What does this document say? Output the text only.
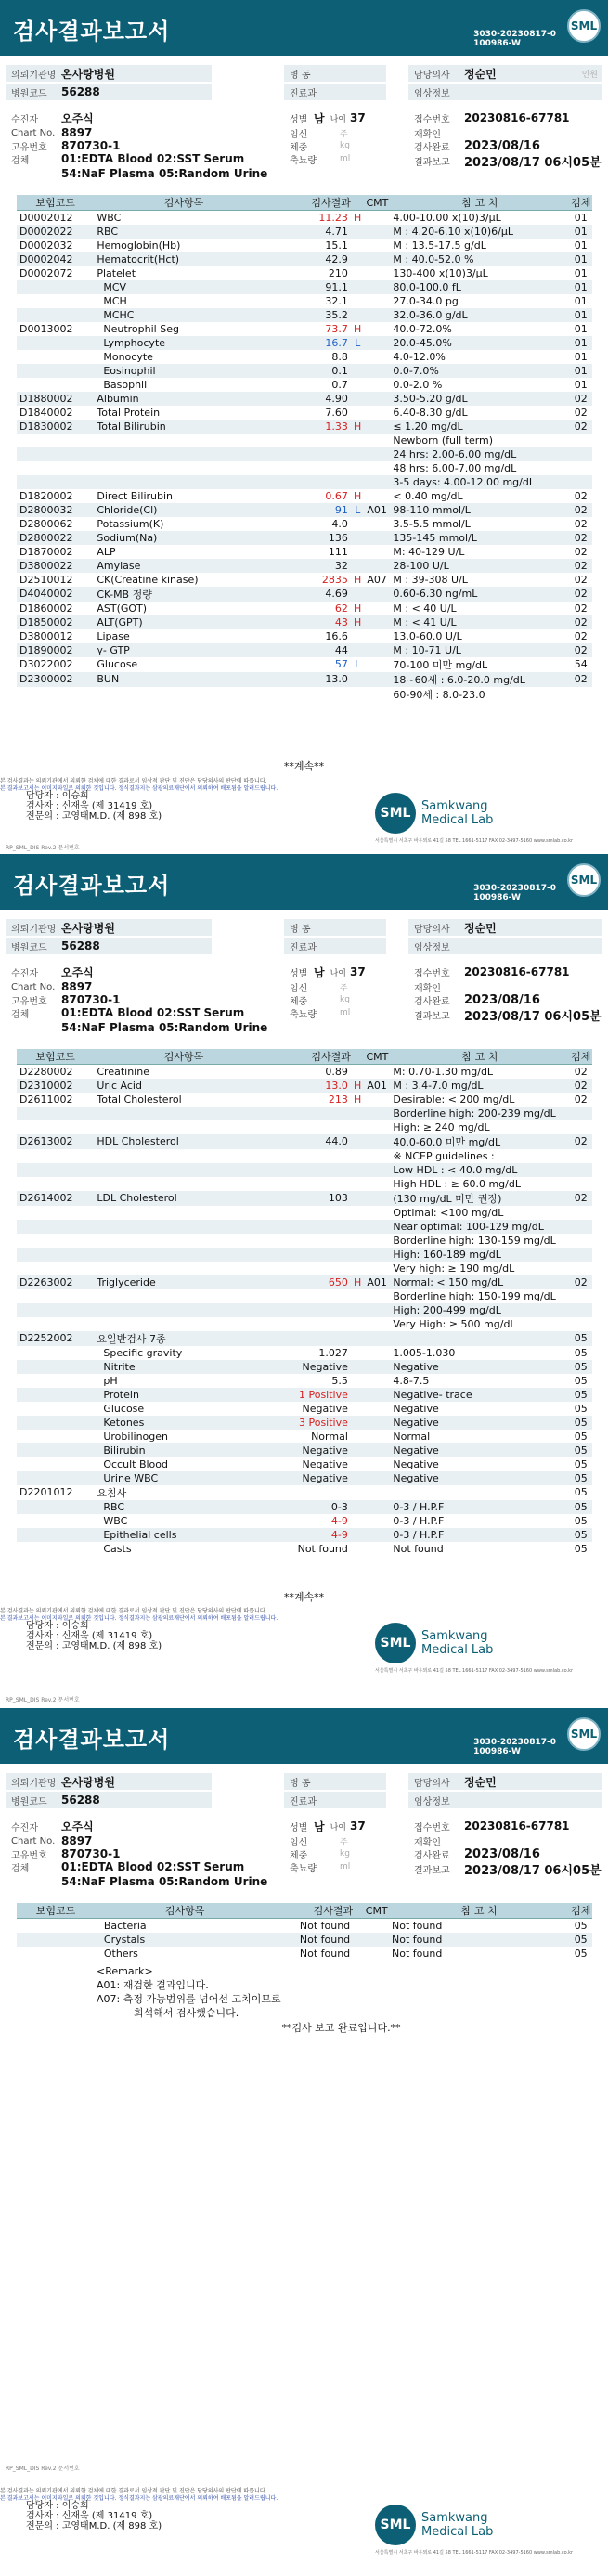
검사결과보고서	3030-20230817-0
100986-W
SML
의뢰기관명 온사랑병원
병원코드	56288
수진자	오주식
Chart No. 8897
고유번호	870730-1
검체	01:EDTA Blood 02:SST Serum
54:NaF Plasma 05:Random Urine
병 동
진료과
성별 남 나이 37
임신	주
체중	kg
축뇨량	ml
담당의사	정순민	인원
임상정보
접수번호	20230816-67781
재확인
검사완료	2023/08/16
결과보고	2023/08/17 06시05분
보험코드	검사항목	검사결과		CMT	참 고 치	검체
D0002012	WBC	11.23	H		4.00-10.00 x(10)3/µL	01
D0002022	RBC	4.71			M : 4.20-6.10 x(10)6/µL	01
D0002032	Hemoglobin(Hb)	15.1			M : 13.5-17.5 g/dL	01
D0002042	Hematocrit(Hct)	42.9			M : 40.0-52.0 %	01
D0002072	Platelet	210			130-400 x(10)3/µL	01
	MCV	91.1			80.0-100.0 fL	01
	MCH	32.1			27.0-34.0 pg	01
	MCHC	35.2			32.0-36.0 g/dL	01
D0013002	Neutrophil Seg	73.7	H		40.0-72.0%	01
	Lymphocyte	16.7	L		20.0-45.0%	01
	Monocyte	8.8			4.0-12.0%	01
	Eosinophil	0.1			0.0-7.0%	01
	Basophil	0.7			0.0-2.0 %	01
D1880002	Albumin	4.90			3.50-5.20 g/dL	02
D1840002	Total Protein	7.60			6.40-8.30 g/dL	02
D1830002	Total Bilirubin	1.33	H		≤ 1.20 mg/dL	02
					Newborn (full term)	
					24 hrs: 2.00-6.00 mg/dL	
					48 hrs: 6.00-7.00 mg/dL	
					3-5 days: 4.00-12.00 mg/dL	
D1820002	Direct Bilirubin	0.67	H		< 0.40 mg/dL	02
D2800032	Chloride(Cl)	91	L	A01	98-110 mmol/L	02
D2800062	Potassium(K)	4.0			3.5-5.5 mmol/L	02
D2800022	Sodium(Na)	136			135-145 mmol/L	02
D1870002	ALP	111			M: 40-129 U/L	02
D3800022	Amylase	32			28-100 U/L	02
D2510012	CK(Creatine kinase)	2835	H	A07	M : 39-308 U/L	02
D4040002	CK-MB 정량	4.69			0.60-6.30 ng/mL	02
D1860002	AST(GOT)	62	H		M : < 40 U/L	02
D1850002	ALT(GPT)	43	H		M : < 41 U/L	02
D3800012	Lipase	16.6			13.0-60.0 U/L	02
D1890002	γ- GTP	44			M : 10-71 U/L	02
D3022002	Glucose	57	L		70-100 미만 mg/dL	54
D2300002	BUN	13.0			18~60세 : 6.0-20.0 mg/dL	02
					60-90세 : 8.0-23.0	
**계속**
본 검사결과는 의뢰기관에서 의뢰한 검체에 대한 결과로서 임상적 판단 및 진단은 담당의사의 판단에 따릅니다.
본 결과보고서는 이미지파일로 의뢰한 것입니다. 정식결과지는 삼광의료재단에서 의뢰하여 배포됨을 알려드립니다.
담당자 : 이승희
검사자 : 신재욱 (제 31419 호)
전문의 : 고영태M.D. (제 898 호)	SML Samkwang
Medical Lab
서울특별시 서초구 바우뫼로 41길 58 TEL 1661-5117 FAX 02-3497-5160 www.smlab.co.kr
RP_SML_DIS Rev.2 문서번호
검사결과보고서	3030-20230817-0
100986-W
SML
의뢰기관명 온사랑병원
병원코드	56288
수진자	오주식
Chart No. 8897
고유번호	870730-1
검체	01:EDTA Blood 02:SST Serum
54:NaF Plasma 05:Random Urine
병 동
진료과
성별 남 나이 37
임신	주
체중	kg
축뇨량	ml
담당의사	정순민
임상정보
접수번호	20230816-67781
재확인
검사완료	2023/08/16
결과보고	2023/08/17 06시05분
보험코드	검사항목	검사결과		CMT	참 고 치	검체
D2280002	Creatinine	0.89			M: 0.70-1.30 mg/dL	02
D2310002	Uric Acid	13.0	H	A01	M : 3.4-7.0 mg/dL	02
D2611002	Total Cholesterol	213	H		Desirable: < 200 mg/dL	02
					Borderline high: 200-239 mg/dL	
					High: ≥ 240 mg/dL	
D2613002	HDL Cholesterol	44.0			40.0-60.0 미만 mg/dL	02
					※ NCEP guidelines :	
					Low HDL : < 40.0 mg/dL	
					High HDL : ≥ 60.0 mg/dL	
D2614002	LDL Cholesterol	103			(130 mg/dL 미만 권장)	02
					Optimal: <100 mg/dL	
					Near optimal: 100-129 mg/dL	
					Borderline high: 130-159 mg/dL	
					High: 160-189 mg/dL	
					Very high: ≥ 190 mg/dL	
D2263002	Triglyceride	650	H	A01	Normal: < 150 mg/dL	02
					Borderline high: 150-199 mg/dL	
					High: 200-499 mg/dL	
					Very High: ≥ 500 mg/dL	
D2252002	요일반검사 7종					05
	Specific gravity	1.027			1.005-1.030	05
	Nitrite	Negative			Negative	05
	pH	5.5			4.8-7.5	05
	Protein	1 Positive			Negative- trace	05
	Glucose	Negative			Negative	05
	Ketones	3 Positive			Negative	05
	Urobilinogen	Normal			Normal	05
	Bilirubin	Negative			Negative	05
	Occult Blood	Negative			Negative	05
	Urine WBC	Negative			Negative	05
D2201012	요침사					05
	RBC	0-3			0-3 / H.P.F	05
	WBC	4-9			0-3 / H.P.F	05
	Epithelial cells	4-9			0-3 / H.P.F	05
	Casts	Not found			Not found	05
**계속**
본 검사결과는 의뢰기관에서 의뢰한 검체에 대한 결과로서 임상적 판단 및 진단은 담당의사의 판단에 따릅니다.
본 결과보고서는 이미지파일로 의뢰한 것입니다. 정식결과지는 삼광의료재단에서 의뢰하여 배포됨을 알려드립니다.
담당자 : 이승희
검사자 : 신재욱 (제 31419 호)
전문의 : 고영태M.D. (제 898 호)	SML Samkwang
Medical Lab
서울특별시 서초구 바우뫼로 41길 58 TEL 1661-5117 FAX 02-3497-5160 www.smlab.co.kr
RP_SML_DIS Rev.2 문서번호
검사결과보고서	3030-20230817-0
100986-W
SML
의뢰기관명 온사랑병원
병원코드	56288
수진자	오주식
Chart No. 8897
고유번호	870730-1
검체	01:EDTA Blood 02:SST Serum
54:NaF Plasma 05:Random Urine
병 동
진료과
성별 남 나이 37
임신	주
체중	kg
축뇨량	ml
담당의사	정순민
임상정보
접수번호	20230816-67781
재확인
검사완료	2023/08/16
결과보고	2023/08/17 06시05분
보험코드	검사항목	검사결과		CMT	참 고 치	검체
	Bacteria	Not found			Not found	05
	Crystals	Not found			Not found	05
	Others	Not found			Not found	05
<Remark>
A01: 재검한 결과입니다.
A07: 측정 가능범위를 넘어선 고치이므로
희석해서 검사했습니다.
**검사 보고 완료입니다.**
본 검사결과는 의뢰기관에서 의뢰한 검체에 대한 결과로서 임상적 판단 및 진단은 담당의사의 판단에 따릅니다.
본 결과보고서는 이미지파일로 의뢰한 것입니다. 정식결과지는 삼광의료재단에서 의뢰하여 배포됨을 알려드립니다.
담당자 : 이승희
검사자 : 신재욱 (제 31419 호)
전문의 : 고영태M.D. (제 898 호)	SML Samkwang
Medical Lab
서울특별시 서초구 바우뫼로 41길 58 TEL 1661-5117 FAX 02-3497-5160 www.smlab.co.kr
RP_SML_DIS Rev.2 문서번호
